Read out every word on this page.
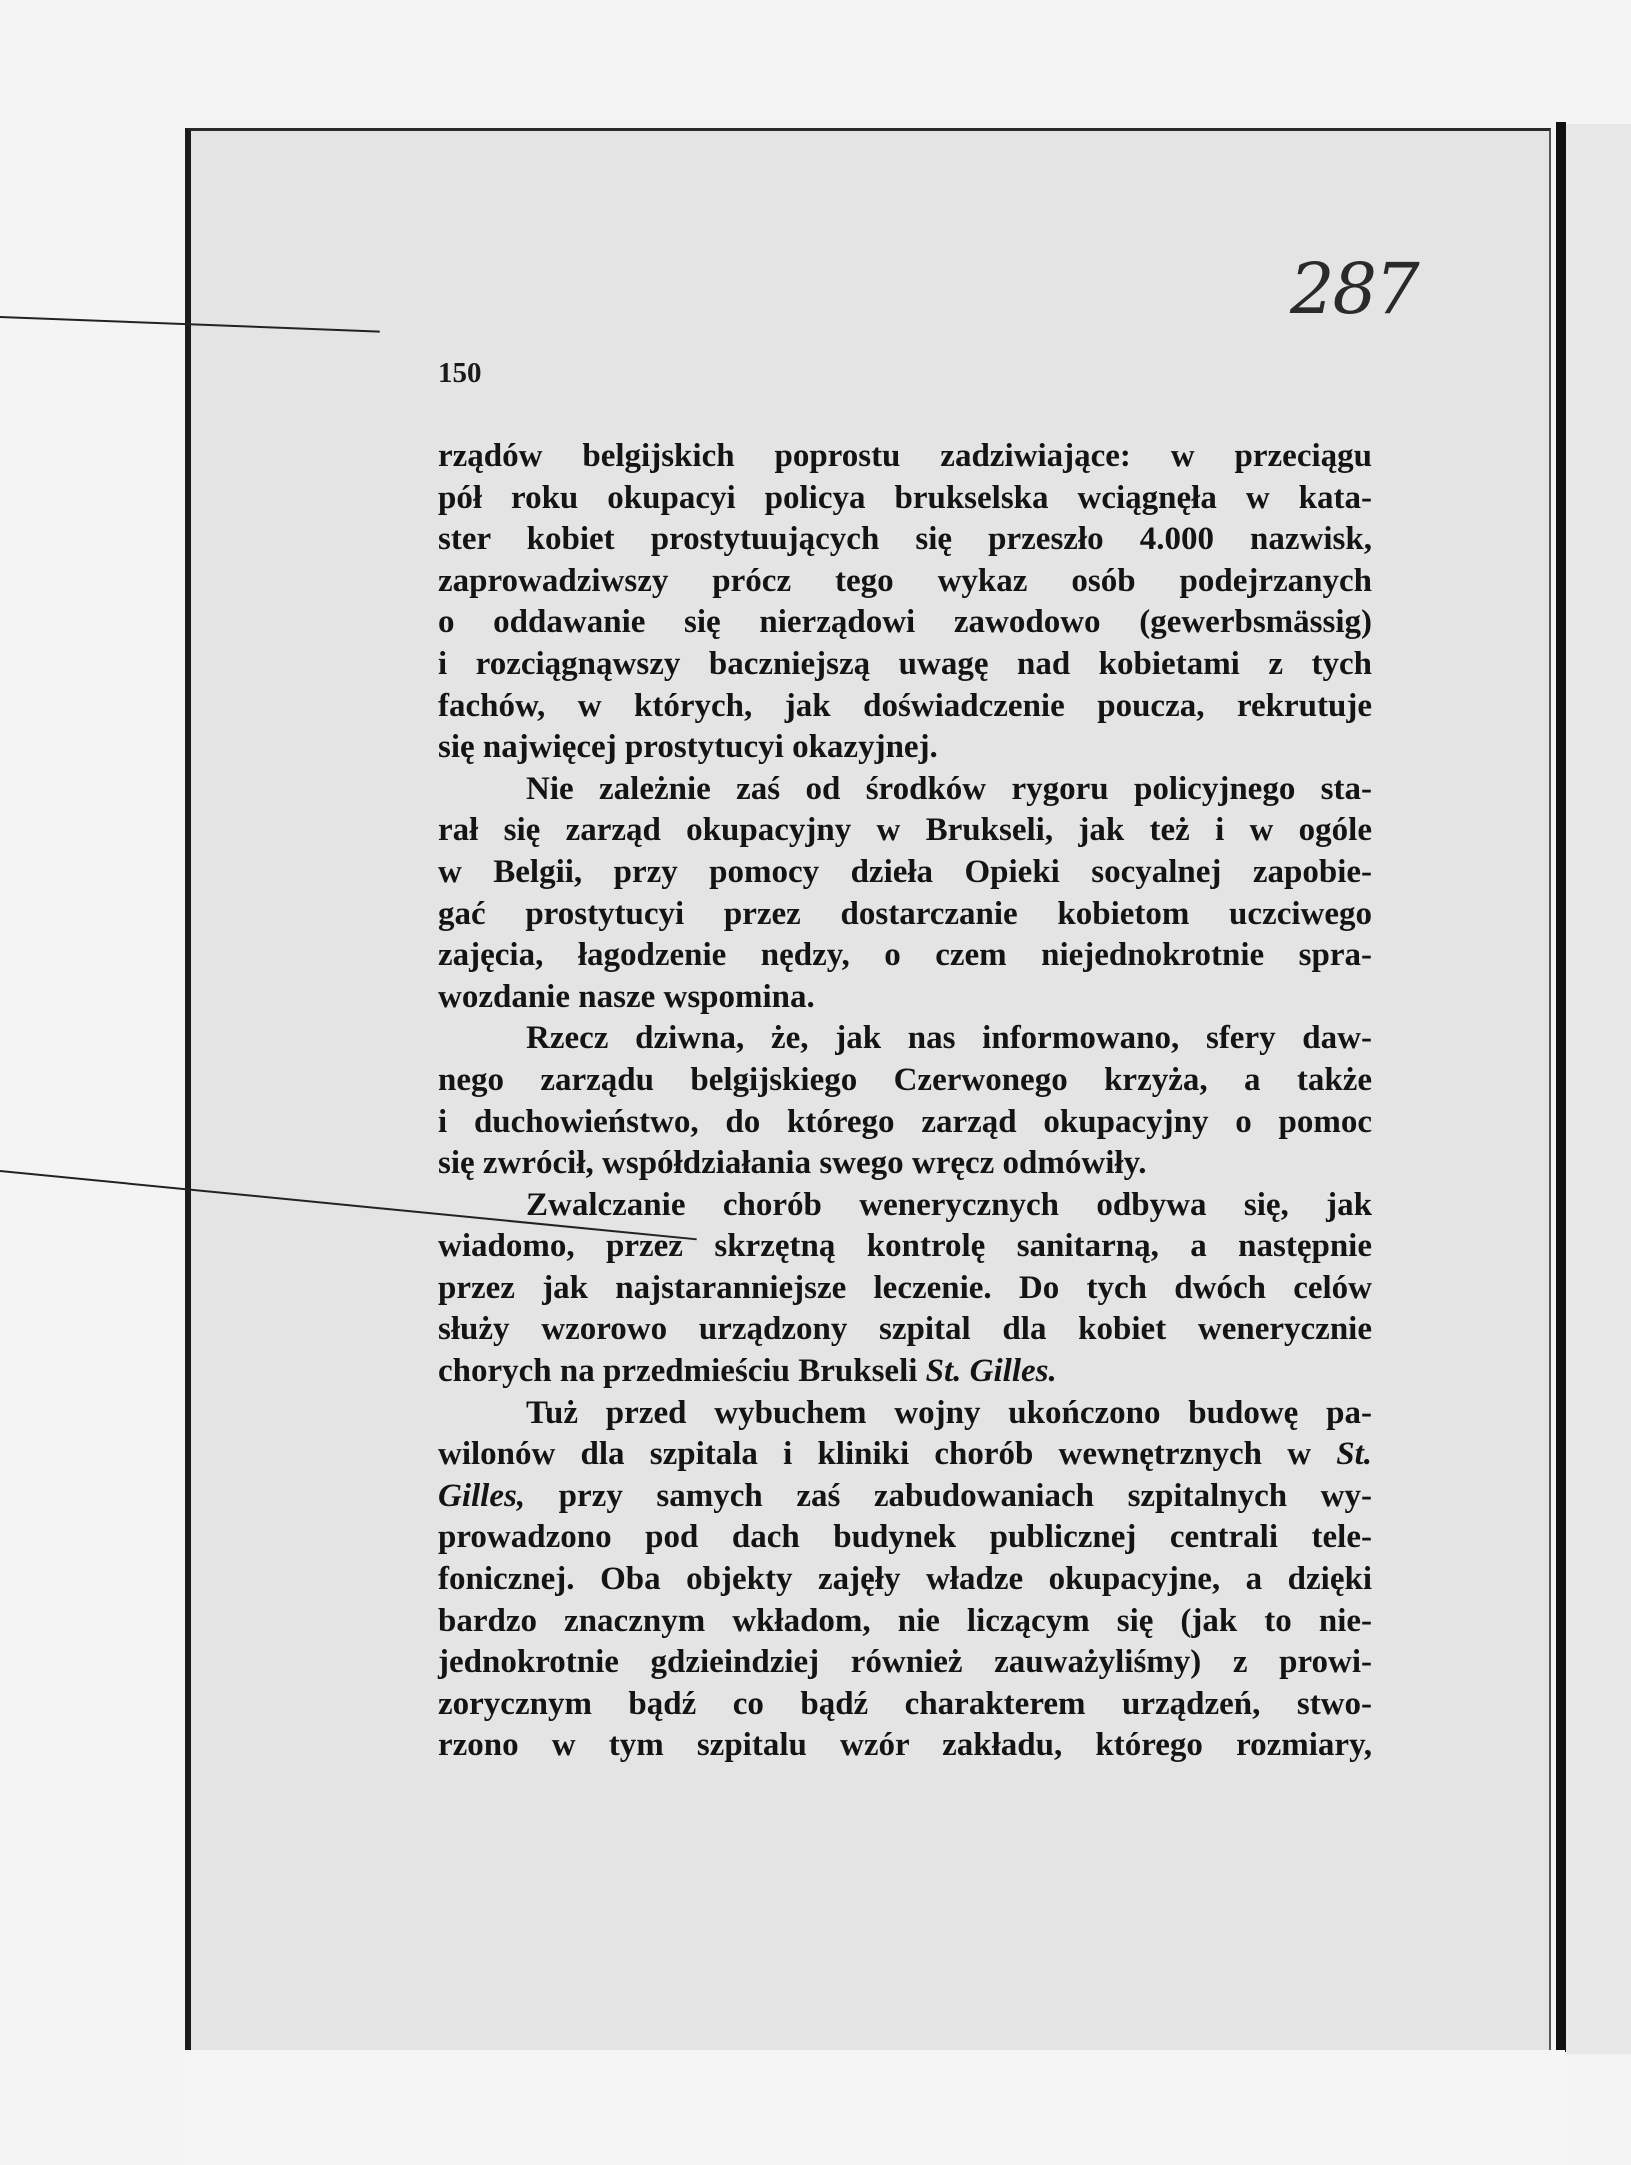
287
150
rządów belgijskich poprostu zadziwiające: w przeciągu
pół roku okupacyi policya brukselska wciągnęła w kata-
ster kobiet prostytuujących się przeszło 4.000 nazwisk,
zaprowadziwszy prócz tego wykaz osób podejrzanych
o oddawanie się nierządowi zawodowo (gewerbsmässig)
i rozciągnąwszy baczniejszą uwagę nad kobietami z tych
fachów, w których, jak doświadczenie poucza, rekrutuje
się najwięcej prostytucyi okazyjnej.
Nie zależnie zaś od środków rygoru policyjnego sta-
rał się zarząd okupacyjny w Brukseli, jak też i w ogóle
w Belgii, przy pomocy dzieła Opieki socyalnej zapobie-
gać prostytucyi przez dostarczanie kobietom uczciwego
zajęcia, łagodzenie nędzy, o czem niejednokrotnie spra-
wozdanie nasze wspomina.
Rzecz dziwna, że, jak nas informowano, sfery daw-
nego zarządu belgijskiego Czerwonego krzyża, a także
i duchowieństwo, do którego zarząd okupacyjny o pomoc
się zwrócił, współdziałania swego wręcz odmówiły.
Zwalczanie chorób wenerycznych odbywa się, jak
wiadomo, przez skrzętną kontrolę sanitarną, a następnie
przez jak najstaranniejsze leczenie. Do tych dwóch celów
służy wzorowo urządzony szpital dla kobiet wenerycznie
chorych na przedmieściu Brukseli St. Gilles.
Tuż przed wybuchem wojny ukończono budowę pa-
wilonów dla szpitala i kliniki chorób wewnętrznych w St.
Gilles, przy samych zaś zabudowaniach szpitalnych wy-
prowadzono pod dach budynek publicznej centrali tele-
fonicznej. Oba objekty zajęły władze okupacyjne, a dzięki
bardzo znacznym wkładom, nie liczącym się (jak to nie-
jednokrotnie gdzieindziej również zauważyliśmy) z prowi-
zorycznym bądź co bądź charakterem urządzeń, stwo-
rzono w tym szpitalu wzór zakładu, którego rozmiary,
